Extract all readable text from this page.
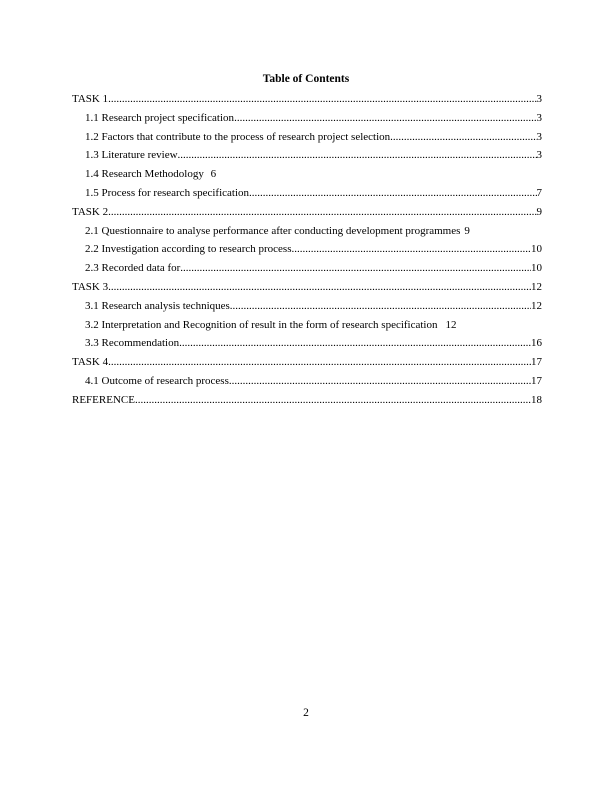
Table of Contents
TASK 1 .....	3
1.1 Research project specification .....	3
1.2 Factors that contribute to the process of research project selection .....	3
1.3 Literature review .....	3
1.4 Research Methodology 6
1.5 Process for research specification .....	7
TASK 2 .....	9
2.1 Questionnaire to analyse performance after conducting development programmes 9
2.2 Investigation according to research process .....	10
2.3 Recorded data for .....	10
TASK 3 .....	12
3.1 Research analysis techniques .....	12
3.2 Interpretation and Recognition of result in the form of research specification 12
3.3 Recommendation .....	16
TASK 4 .....	17
4.1 Outcome of research process .....	17
REFERENCE .....	18
2
